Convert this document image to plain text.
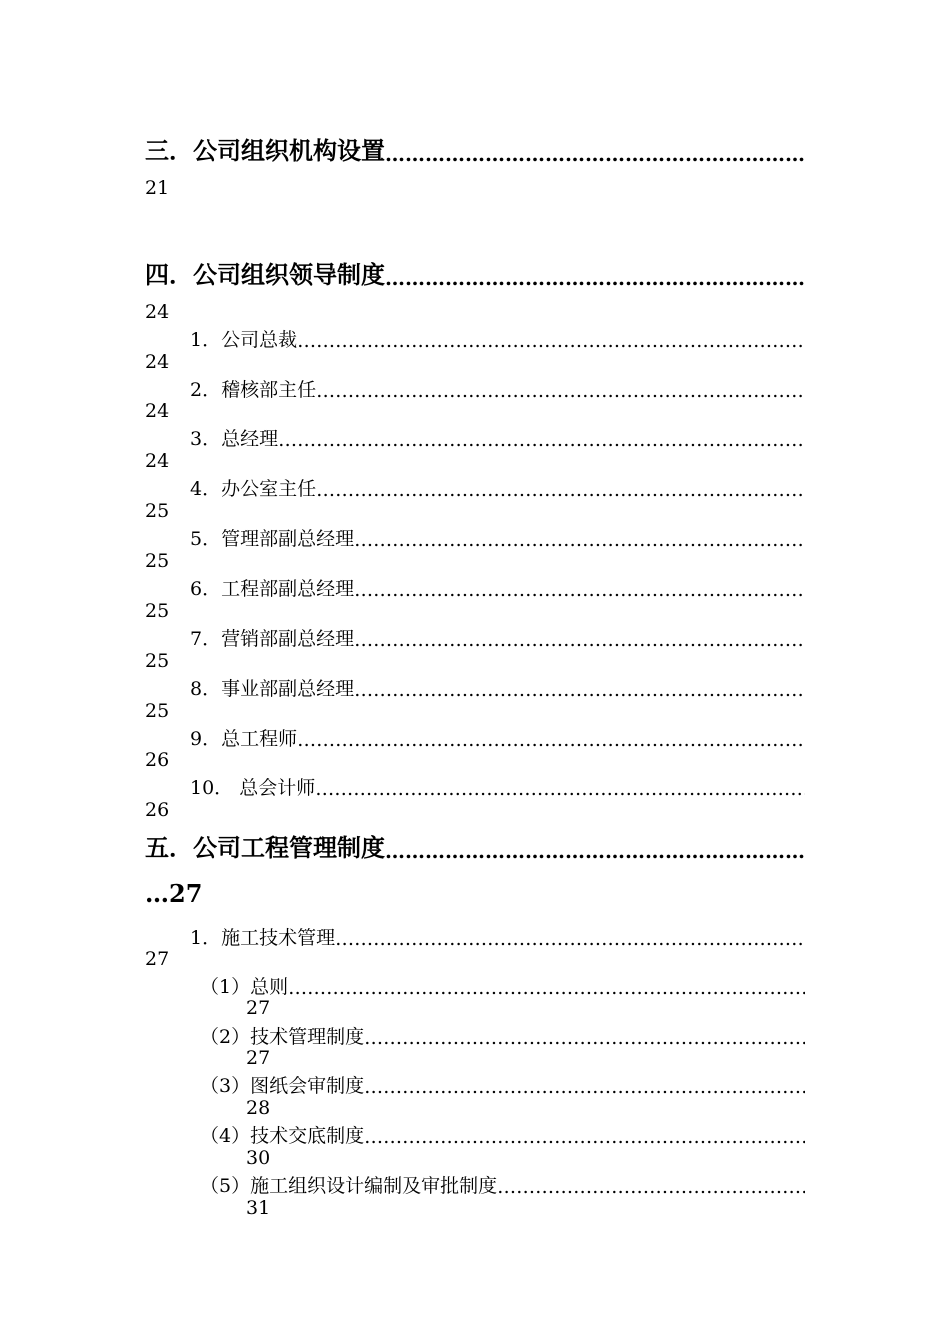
三．公司组织机构设置
………………………………………………………………………………………………………………………………………………………………………………………………………………
21
四．公司组织领导制度
………………………………………………………………………………………………………………………………………………………………………………………………………………
24
1．公司总裁
………………………………………………………………………………………………………………………………………………………………………………………………………………
24
2．稽核部主任
………………………………………………………………………………………………………………………………………………………………………………………………………………
24
3．总经理
………………………………………………………………………………………………………………………………………………………………………………………………………………
24
4．办公室主任
………………………………………………………………………………………………………………………………………………………………………………………………………………
25
5．管理部副总经理
………………………………………………………………………………………………………………………………………………………………………………………………………………
25
6．工程部副总经理
………………………………………………………………………………………………………………………………………………………………………………………………………………
25
7．营销部副总经理
………………………………………………………………………………………………………………………………………………………………………………………………………………
25
8．事业部副总经理
………………………………………………………………………………………………………………………………………………………………………………………………………………
25
9．总工程师
………………………………………………………………………………………………………………………………………………………………………………………………………………
26
10． 总会计师
………………………………………………………………………………………………………………………………………………………………………………………………………………
26
五．公司工程管理制度
………………………………………………………………………………………………………………………………………………………………………………………………………………
…27
1．施工技术管理
………………………………………………………………………………………………………………………………………………………………………………………………………………
27
（1）总则
………………………………………………………………………………………………………………………………………………………………………………………………………………
27
（2）技术管理制度
………………………………………………………………………………………………………………………………………………………………………………………………………………
27
（3）图纸会审制度
………………………………………………………………………………………………………………………………………………………………………………………………………………
28
（4）技术交底制度
………………………………………………………………………………………………………………………………………………………………………………………………………………
30
（5）施工组织设计编制及审批制度
………………………………………………………………………………………………………………………………………………………………………………………………………………
31
